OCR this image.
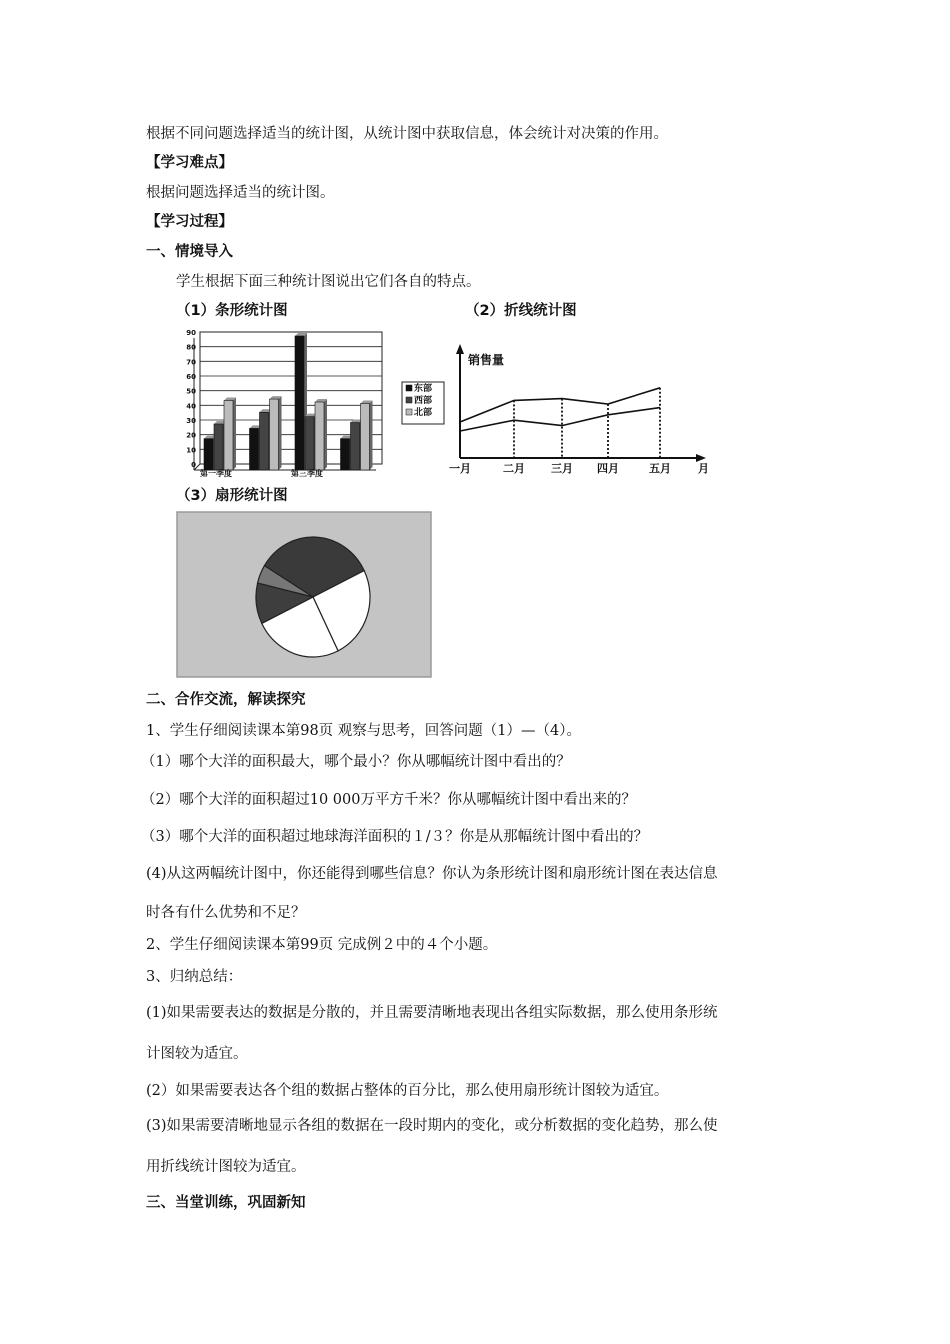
根据不同问题选择适当的统计图，从统计图中获取信息，体会统计对决策的作用。
【学习难点】
根据问题选择适当的统计图。
【学习过程】
一、情境导入
学生根据下面三种统计图说出它们各自的特点。
（1）条形统计图	（2）折线统计图
0
10
20
30
40
50
60
70
80
90
第一季度	第三季度
东部
西部
北部
销售量
月
一月	二月 三月 四月	五月
（3）扇形统计图
二、合作交流，解读探究
1、学生仔细阅读课本第98页 观察与思考，回答问题（1）—（4）。
（1）哪个大洋的面积最大，哪个最小？你从哪幅统计图中看出的？
（2）哪个大洋的面积超过10 000万平方千米？你从哪幅统计图中看出来的？
（3）哪个大洋的面积超过地球海洋面积的１/３？你是从那幅统计图中看出的？
(4)从这两幅统计图中，你还能得到哪些信息？你认为条形统计图和扇形统计图在表达信息
时各有什么优势和不足？
2、学生仔细阅读课本第99页 完成例２中的４个小题。
3、归纳总结：
(1)如果需要表达的数据是分散的，并且需要清晰地表现出各组实际数据，那么使用条形统
计图较为适宜。
(2）如果需要表达各个组的数据占整体的百分比，那么使用扇形统计图较为适宜。
(3)如果需要清晰地显示各组的数据在一段时期内的变化，或分析数据的变化趋势，那么使
用折线统计图较为适宜。
三、当堂训练，巩固新知
